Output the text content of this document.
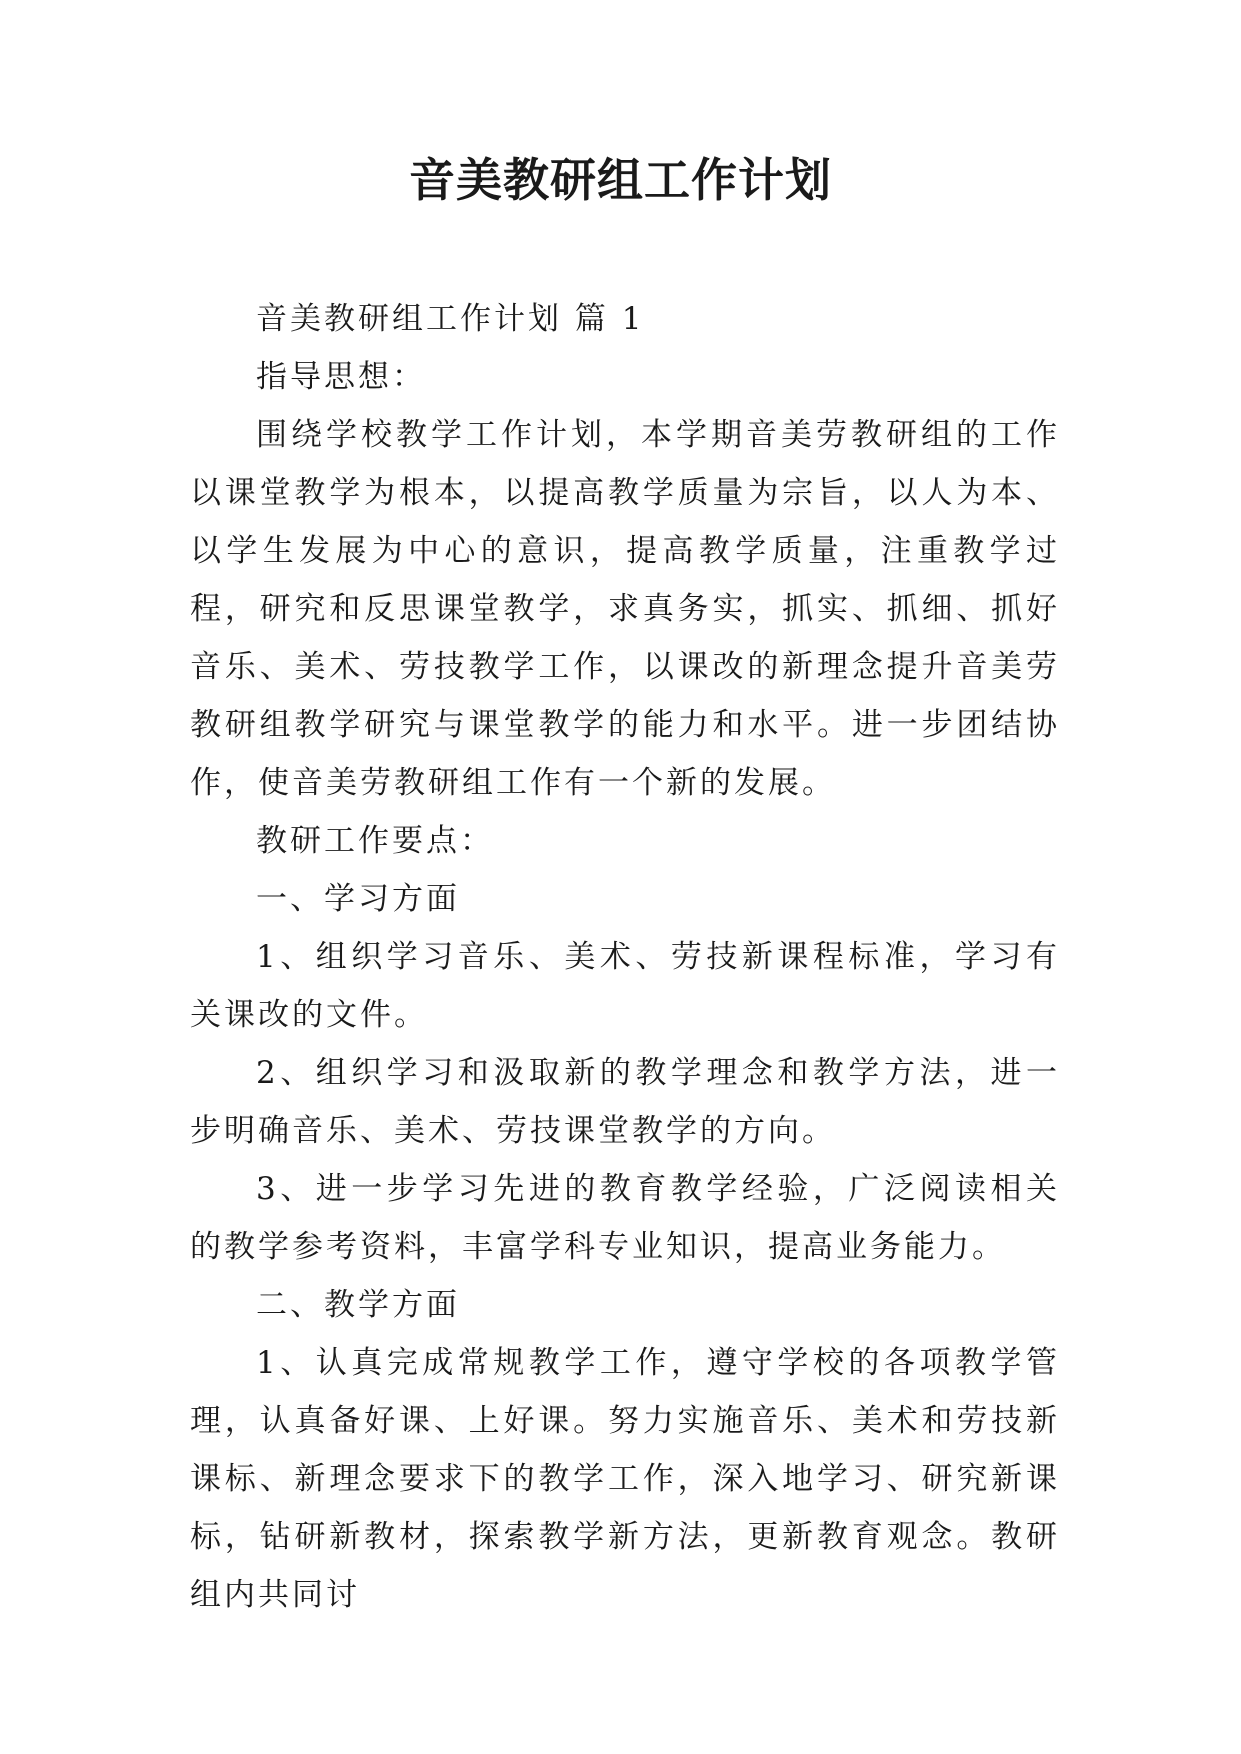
音美教研组工作计划

音美教研组工作计划 篇 1

指导思想：

围绕学校教学工作计划，本学期音美劳教研组的工作以课堂教学为根本，以提高教学质量为宗旨，以人为本、以学生发展为中心的意识，提高教学质量，注重教学过程，研究和反思课堂教学，求真务实，抓实、抓细、抓好音乐、美术、劳技教学工作，以课改的新理念提升音美劳教研组教学研究与课堂教学的能力和水平。进一步团结协作，使音美劳教研组工作有一个新的发展。

教研工作要点：

一、学习方面

1、组织学习音乐、美术、劳技新课程标准，学习有关课改的文件。

2、组织学习和汲取新的教学理念和教学方法，进一步明确音乐、美术、劳技课堂教学的方向。

3、进一步学习先进的教育教学经验，广泛阅读相关的教学参考资料，丰富学科专业知识，提高业务能力。

二、教学方面

1、认真完成常规教学工作，遵守学校的各项教学管理，认真备好课、上好课。努力实施音乐、美术和劳技新课标、新理念要求下的教学工作，深入地学习、研究新课标，钻研新教材，探索教学新方法，更新教育观念。教研组内共同讨
